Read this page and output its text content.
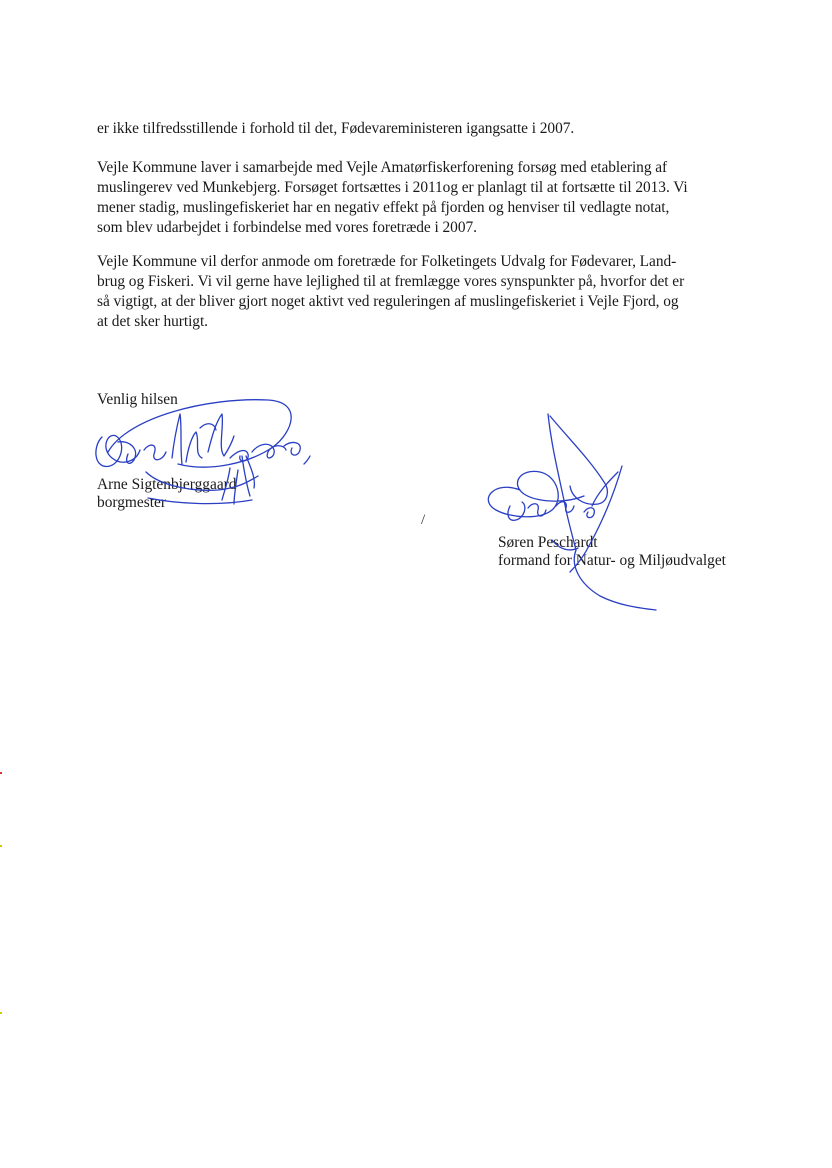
er ikke tilfredsstillende i forhold til det, Fødevareministeren igangsatte i 2007.

Vejle Kommune laver i samarbejde med Vejle Amatørfiskerforening forsøg med etablering af
muslingerev ved Munkebjerg. Forsøget fortsættes i 2011og er planlagt til at fortsætte til 2013. Vi
mener stadig, muslingefiskeriet har en negativ effekt på fjorden og henviser til vedlagte notat,
som blev udarbejdet i forbindelse med vores foretræde i 2007.

Vejle Kommune vil derfor anmode om foretræde for Folketingets Udvalg for Fødevarer, Land-
brug og Fiskeri. Vi vil gerne have lejlighed til at fremlægge vores synspunkter på, hvorfor det er
så vigtigt, at der bliver gjort noget aktivt ved reguleringen af muslingefiskeriet i Vejle Fjord, og
at det sker hurtigt.

Venlig hilsen

Arne Sigtenbjerggaard
borgmester
/
Søren Peschardt
formand for Natur- og Miljøudvalget
